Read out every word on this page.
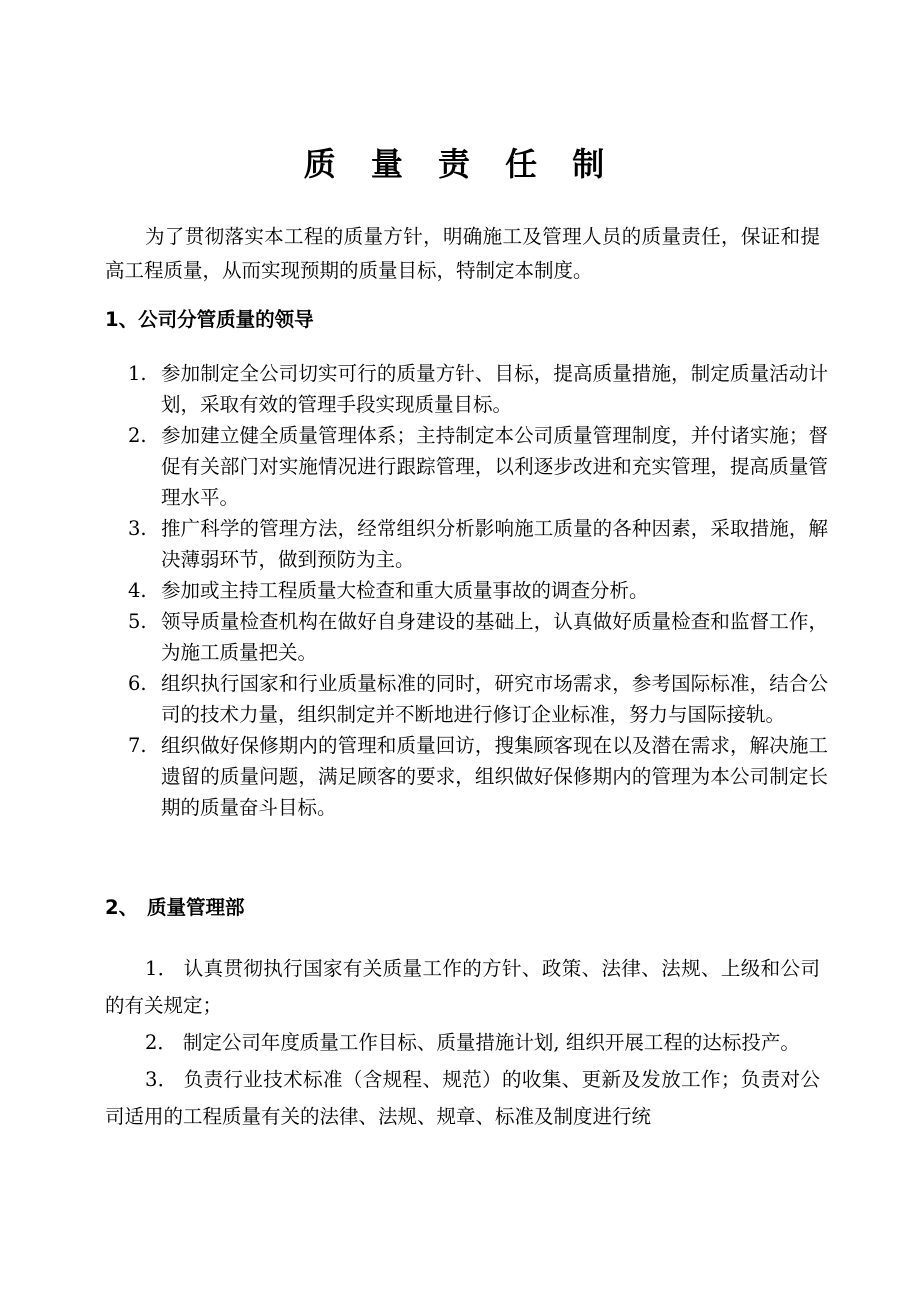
质 量 责 任 制

为了贯彻落实本工程的质量方针，明确施工及管理人员的质量责任，保证和提高工程质量，从而实现预期的质量目标，特制定本制度。

1、公司分管质量的领导
1. 参加制定全公司切实可行的质量方针、目标，提高质量措施，制定质量活动计划，采取有效的管理手段实现质量目标。
2. 参加建立健全质量管理体系；主持制定本公司质量管理制度，并付诸实施；督促有关部门对实施情况进行跟踪管理，以利逐步改进和充实管理，提高质量管理水平。
3. 推广科学的管理方法，经常组织分析影响施工质量的各种因素，采取措施，解决薄弱环节，做到预防为主。
4. 参加或主持工程质量大检查和重大质量事故的调查分析。
5. 领导质量检查机构在做好自身建设的基础上，认真做好质量检查和监督工作，为施工质量把关。
6. 组织执行国家和行业质量标准的同时，研究市场需求，参考国际标准，结合公司的技术力量，组织制定并不断地进行修订企业标准，努力与国际接轨。
7. 组织做好保修期内的管理和质量回访，搜集顾客现在以及潜在需求，解决施工遗留的质量问题，满足顾客的要求，组织做好保修期内的管理为本公司制定长期的质量奋斗目标。
2、 质量管理部
1． 认真贯彻执行国家有关质量工作的方针、政策、法律、法规、上级和公司的有关规定；
2． 制定公司年度质量工作目标、质量措施计划, 组织开展工程的达标投产。
3． 负责行业技术标准（含规程、规范）的收集、更新及发放工作；负责对公司适用的工程质量有关的法律、法规、规章、标准及制度进行统
